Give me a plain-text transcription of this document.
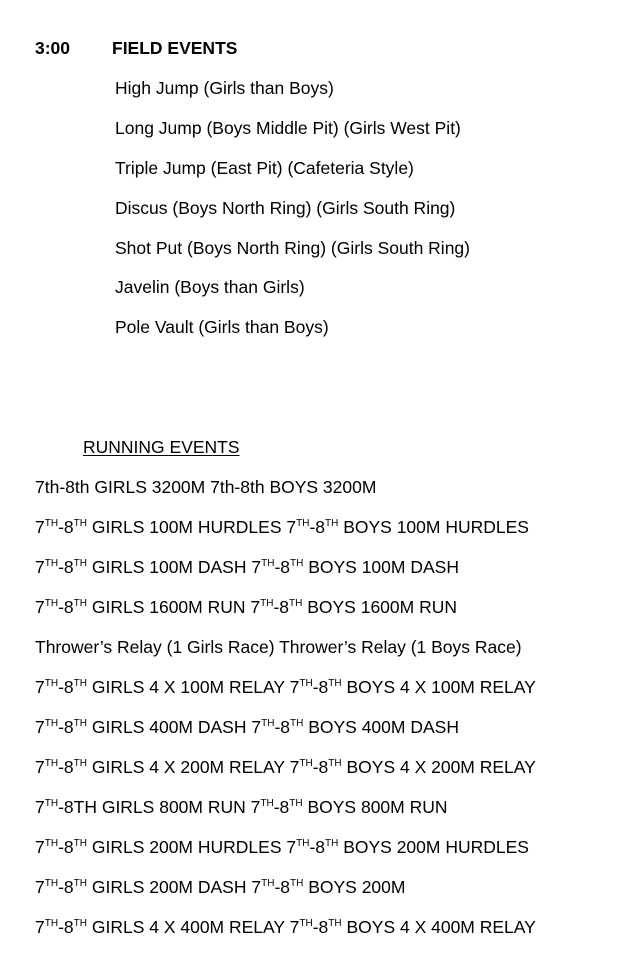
3:00 FIELD EVENTS
High Jump (Girls than Boys)
Long Jump (Boys Middle Pit) (Girls West Pit)
Triple Jump (East Pit) (Cafeteria Style)
Discus (Boys North Ring) (Girls South Ring)
Shot Put (Boys North Ring) (Girls South Ring)
Javelin (Boys than Girls)
Pole Vault (Girls than Boys)
RUNNING EVENTS
7th-8th GIRLS 3200M 7th-8th BOYS 3200M
7TH-8TH GIRLS 100M HURDLES 7TH-8TH BOYS 100M HURDLES
7TH-8TH GIRLS 100M DASH 7TH-8TH BOYS 100M DASH
7TH-8TH GIRLS 1600M RUN 7TH-8TH BOYS 1600M RUN
Thrower’s Relay (1 Girls Race) Thrower’s Relay (1 Boys Race)
7TH-8TH GIRLS 4 X 100M RELAY 7TH-8TH BOYS 4 X 100M RELAY
7TH-8TH GIRLS 400M DASH 7TH-8TH BOYS 400M DASH
7TH-8TH GIRLS 4 X 200M RELAY 7TH-8TH BOYS 4 X 200M RELAY
7TH-8TH GIRLS 800M RUN 7TH-8TH BOYS 800M RUN
7TH-8TH GIRLS 200M HURDLES 7TH-8TH BOYS 200M HURDLES
7TH-8TH GIRLS 200M DASH 7TH-8TH BOYS 200M
7TH-8TH GIRLS 4 X 400M RELAY 7TH-8TH BOYS 4 X 400M RELAY
